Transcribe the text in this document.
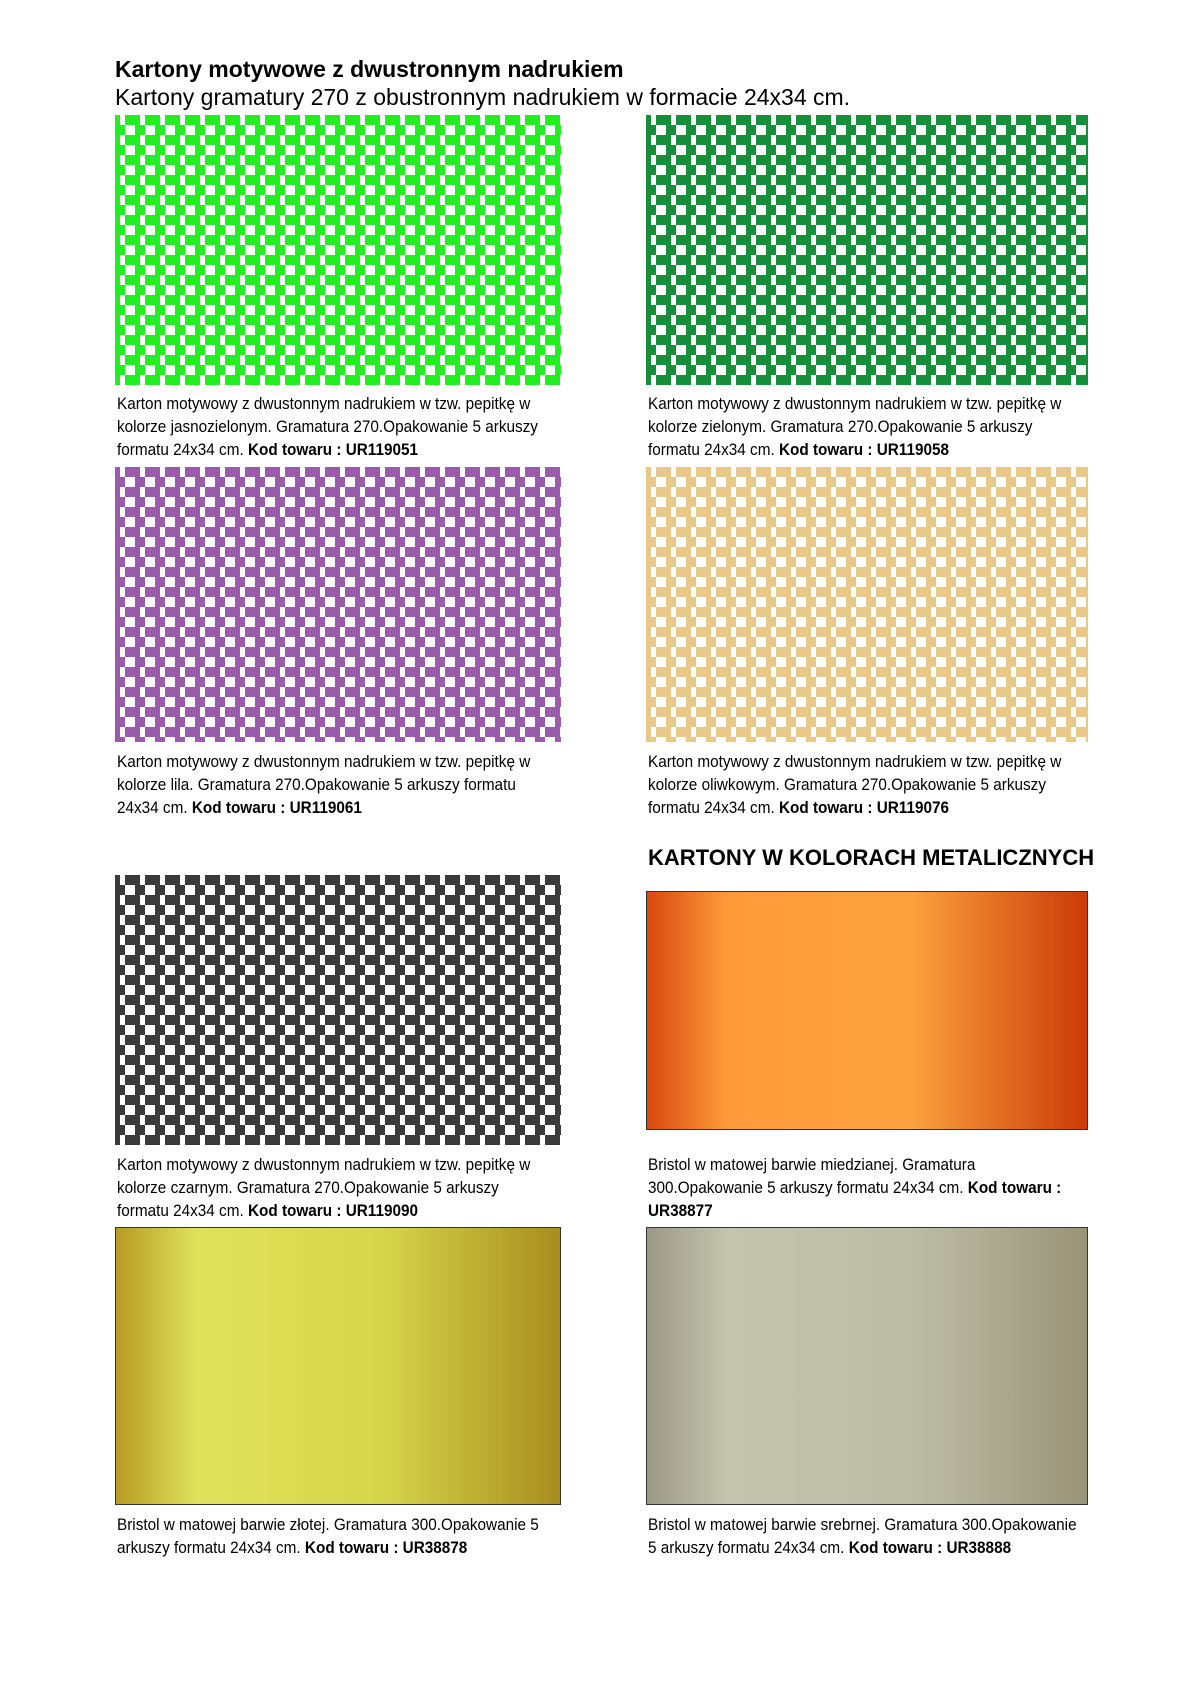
Kartony motywowe z dwustronnym nadrukiem
Kartony gramatury 270 z obustronnym nadrukiem w formacie 24x34 cm.

Karton motywowy z dwustonnym nadrukiem w tzw. pepitkę w kolorze jasnozielonym. Gramatura 270.Opakowanie 5 arkuszy formatu 24x34 cm. Kod towaru : UR119051

Karton motywowy z dwustonnym nadrukiem w tzw. pepitkę w kolorze zielonym. Gramatura 270.Opakowanie 5 arkuszy formatu 24x34 cm. Kod towaru : UR119058

Karton motywowy z dwustonnym nadrukiem w tzw. pepitkę w kolorze lila. Gramatura 270.Opakowanie 5 arkuszy formatu 24x34 cm. Kod towaru : UR119061

Karton motywowy z dwustonnym nadrukiem w tzw. pepitkę w kolorze oliwkowym. Gramatura 270.Opakowanie 5 arkuszy formatu 24x34 cm. Kod towaru : UR119076

KARTONY W KOLORACH METALICZNYCH

Karton motywowy z dwustonnym nadrukiem w tzw. pepitkę w kolorze czarnym. Gramatura 270.Opakowanie 5 arkuszy formatu 24x34 cm. Kod towaru : UR119090

Bristol w matowej barwie miedzianej. Gramatura 300.Opakowanie 5 arkuszy formatu 24x34 cm. Kod towaru : UR38877

Bristol w matowej barwie złotej. Gramatura 300.Opakowanie 5 arkuszy formatu 24x34 cm. Kod towaru : UR38878

Bristol w matowej barwie srebrnej. Gramatura 300.Opakowanie 5 arkuszy formatu 24x34 cm. Kod towaru : UR38888
